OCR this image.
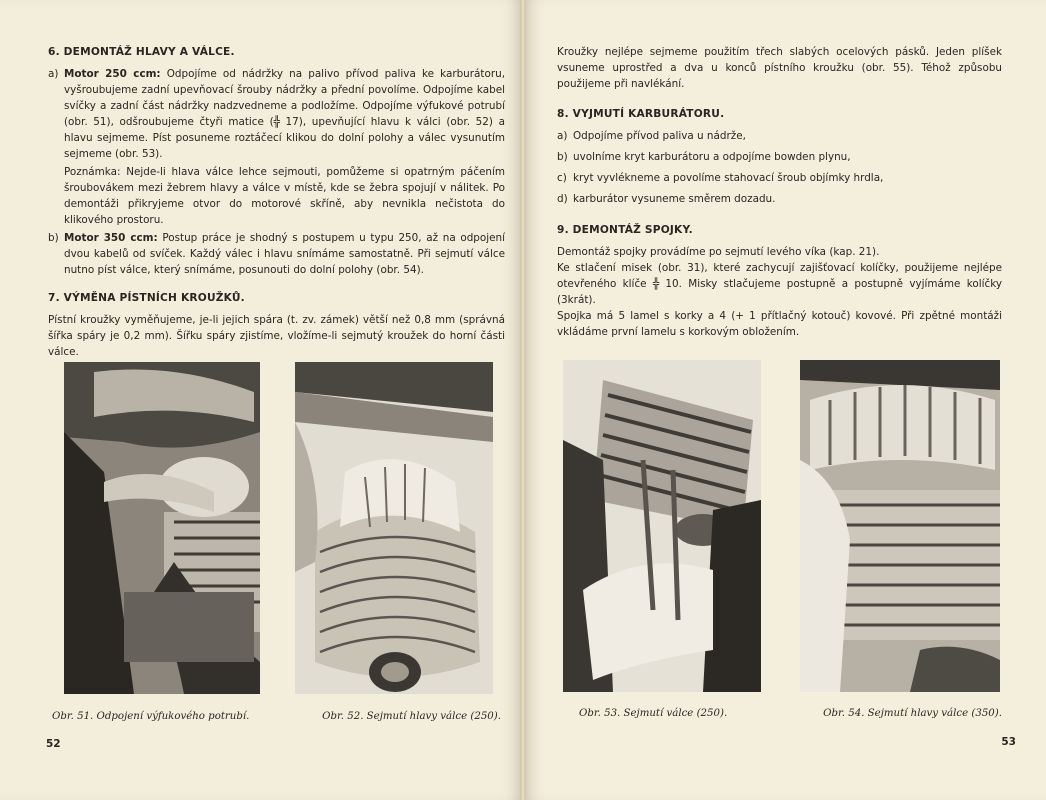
6. DEMONTÁŽ HLAVY A VÁLCE.
a) Motor 250 ccm: Odpojíme od nádržky na palivo přívod paliva ke karburátoru, vyšroubujeme zadní upevňovací šrouby nádržky a přední povolíme. Odpojíme kabel svíčky a zadní část nádržky nadzvedneme a podložíme. Odpojíme výfukové potrubí (obr. 51), odšroubujeme čtyři matice (╬ 17), upevňující hlavu k válci (obr. 52) a hlavu sejmeme. Píst posuneme roztáčecí klikou do dolní polohy a válec vysunutím sejmeme (obr. 53).
Poznámka: Nejde-li hlava válce lehce sejmouti, pomůžeme si opatrným páčením šroubovákem mezi žebrem hlavy a válce v místě, kde se žebra spojují v nálitek. Po demontáži přikryjeme otvor do motorové skříně, aby nevnikla nečistota do klikového prostoru.
b) Motor 350 ccm: Postup práce je shodný s postupem u typu 250, až na odpojení dvou kabelů od svíček. Každý válec i hlavu snímáme samostatně. Při sejmutí válce nutno píst válce, který snímáme, posunouti do dolní polohy (obr. 54).
7. VÝMĚNA PÍSTNÍCH KROUŽKŮ.

Pístní kroužky vyměňujeme, je-li jejich spára (t. zv. zámek) větší než 0,8 mm (správná šířka spáry je 0,2 mm). Šířku spáry zjistíme, vložíme-li sejmutý kroužek do horní části válce.

Obr. 51. Odpojení výfukového potrubí.	Obr. 52. Sejmutí hlavy válce (250).
52

Kroužky nejlépe sejmeme použitím třech slabých ocelových pásků. Jeden plíšek vsuneme uprostřed a dva u konců pístního kroužku (obr. 55). Téhož způsobu použijeme při navlékání.

8. VYJMUTÍ KARBURÁTORU.
a) Odpojíme přívod paliva u nádrže,
b) uvolníme kryt karburátoru a odpojíme bowden plynu,
c) kryt vyvlékneme a povolíme stahovací šroub objímky hrdla,
d) karburátor vysuneme směrem dozadu.
9. DEMONTÁŽ SPOJKY.

Demontáž spojky provádíme po sejmutí levého víka (kap. 21).

Ke stlačení misek (obr. 31), které zachycují zajišťovací kolíčky, použijeme nejlépe otevřeného klíče ╬ 10. Misky stlačujeme postupně a postupně vyjímáme kolíčky (3krát).

Spojka má 5 lamel s korky a 4 (+ 1 přítlačný kotouč) kovové. Při zpětné montáži vkládáme první lamelu s korkovým obložením.

Obr. 53. Sejmutí válce (250).	Obr. 54. Sejmutí hlavy válce (350).
53
